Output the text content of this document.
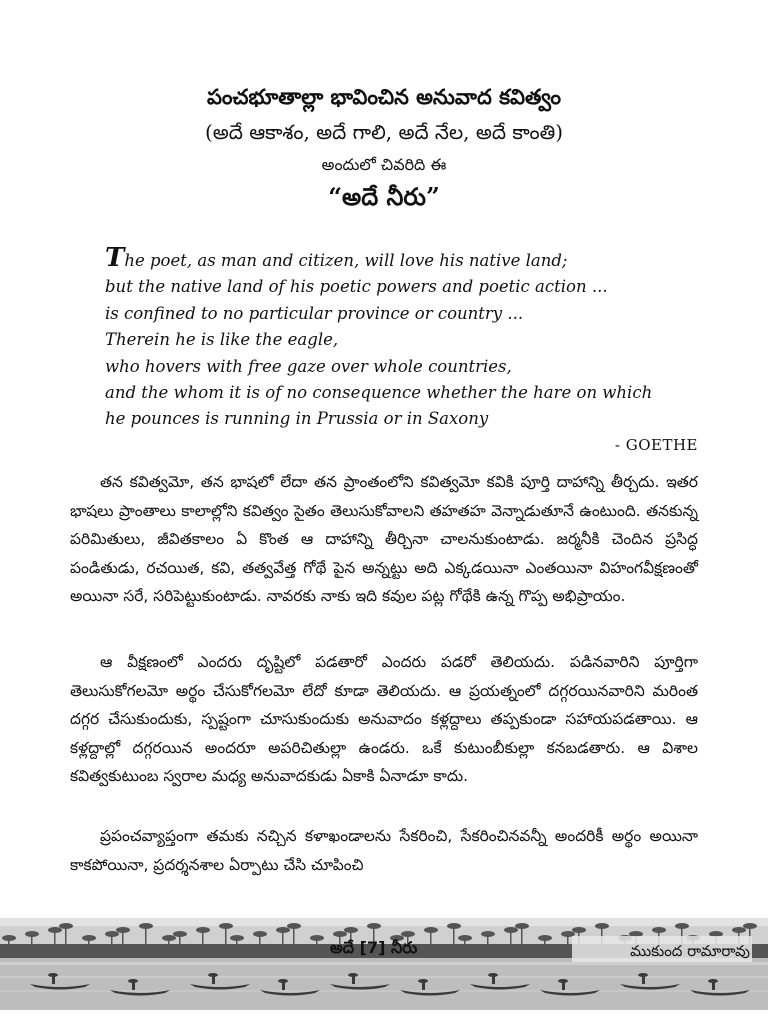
పంచభూతాల్లా భావించిన అనువాద కవిత్వం
(అదే ఆకాశం, అదే గాలి, అదే నేల, అదే కాంతి)
అందులో చివరిది ఈ
“అదే నీరు”
The poet, as man and citizen, will love his native land;
but the native land of his poetic powers and poetic action ...
is confined to no particular province or country ...
Therein he is like the eagle,
who hovers with free gaze over whole countries,
and the whom it is of no consequence whether the hare on which
he pounces is running in Prussia or in Saxony
- GOETHE
తన కవిత్వమో, తన భాషలో లేదా తన ప్రాంతంలోని కవిత్వమో కవికి పూర్తి దాహాన్ని తీర్చదు. ఇతర భాషలు ప్రాంతాలు కాలాల్లోని కవిత్వం సైతం తెలుసుకోవాలని తహతహ వెన్నాడుతూనే ఉంటుంది. తనకున్న పరిమితులు, జీవితకాలం ఏ కొంత ఆ దాహాన్ని తీర్చినా చాలనుకుంటాడు. జర్మనీకి చెందిన ప్రసిద్ధ పండితుడు, రచయిత, కవి, తత్వవేత్త గోథే పైన అన్నట్టు అది ఎక్కడయినా ఎంతయినా విహంగవీక్షణంతో అయినా సరే, సరిపెట్టుకుంటాడు. నావరకు నాకు ఇది కవుల పట్ల గోథేకి ఉన్న గొప్ప అభిప్రాయం.
ఆ వీక్షణంలో ఎందరు దృష్టిలో పడతారో ఎందరు పడరో తెలియదు. పడినవారిని పూర్తిగా తెలుసుకోగలమో అర్థం చేసుకోగలమో లేదో కూడా తెలియదు. ఆ ప్రయత్నంలో దగ్గరయినవారిని మరింత దగ్గర చేసుకుందుకు, స్పష్టంగా చూసుకుందుకు అనువాదం కళ్లద్దాలు తప్పకుండా సహాయపడతాయి. ఆ కళ్లద్దాల్లో దగ్గరయిన అందరూ అపరిచితుల్లా ఉండరు. ఒకే కుటుంబీకుల్లా కనబడతారు. ఆ విశాల కవిత్వకుటుంబ స్వరాల మధ్య అనువాదకుడు ఏకాకి ఏనాడూ కాదు.
ప్రపంచవ్యాప్తంగా తమకు నచ్చిన కళాఖండాలను సేకరించి, సేకరించినవన్నీ అందరికీ అర్థం అయినా కాకపోయినా, ప్రదర్శనశాల ఏర్పాటు చేసి చూపించి
అదే [7] నీరు	ముకుంద రామారావు
